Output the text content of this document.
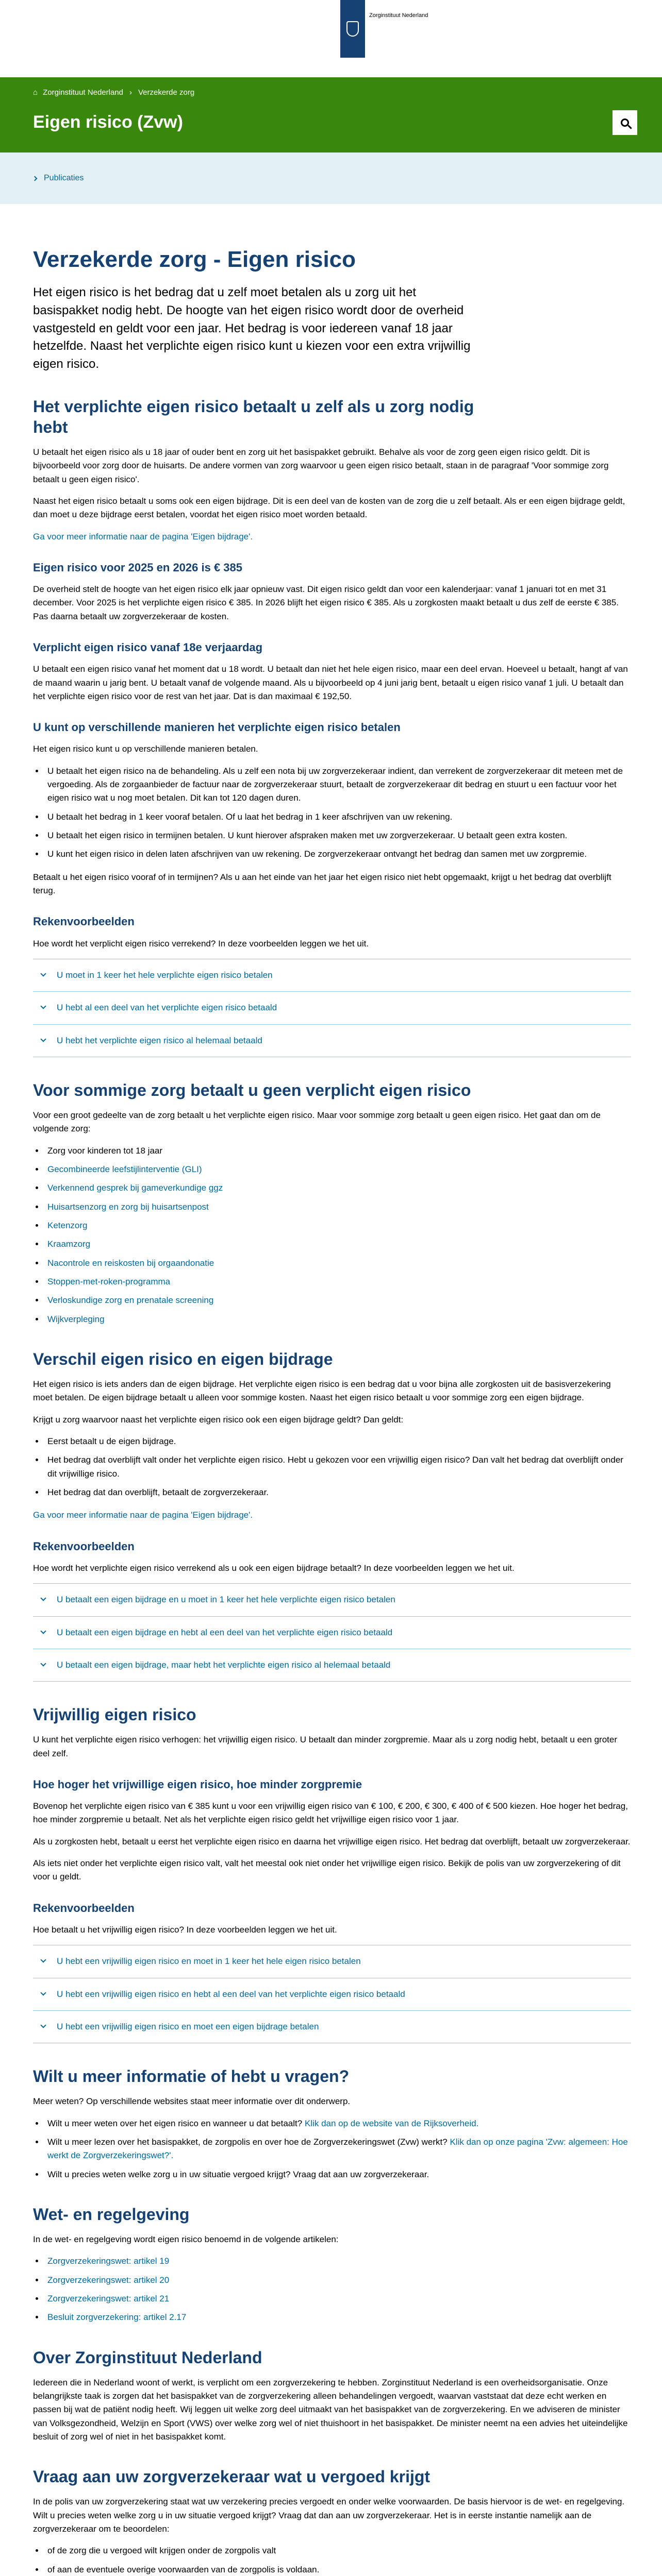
Zorginstituut Nederland
⌂ Zorginstituut Nederland › Verzekerde zorg
Eigen risico (Zvw)
Publicaties
Verzekerde zorg - Eigen risico

Het eigen risico is het bedrag dat u zelf moet betalen als u zorg uit het basispakket nodig hebt. De hoogte van het eigen risico wordt door de overheid vastgesteld en geldt voor een jaar. Het bedrag is voor iedereen vanaf 18 jaar hetzelfde. Naast het verplichte eigen risico kunt u kiezen voor een extra vrijwillig eigen risico.

Het verplichte eigen risico betaalt u zelf als u zorg nodig hebt

U betaalt het eigen risico als u 18 jaar of ouder bent en zorg uit het basispakket gebruikt. Behalve als voor de zorg geen eigen risico geldt. Dit is bijvoorbeeld voor zorg door de huisarts. De andere vormen van zorg waarvoor u geen eigen risico betaalt, staan in de paragraaf 'Voor sommige zorg betaalt u geen eigen risico'.

Naast het eigen risico betaalt u soms ook een eigen bijdrage. Dit is een deel van de kosten van de zorg die u zelf betaalt. Als er een eigen bijdrage geldt, dan moet u deze bijdrage eerst betalen, voordat het eigen risico moet worden betaald.

Ga voor meer informatie naar de pagina 'Eigen bijdrage'.

Eigen risico voor 2025 en 2026 is € 385

De overheid stelt de hoogte van het eigen risico elk jaar opnieuw vast. Dit eigen risico geldt dan voor een kalenderjaar: vanaf 1 januari tot en met 31 december. Voor 2025 is het verplichte eigen risico € 385. In 2026 blijft het eigen risico € 385. Als u zorgkosten maakt betaalt u dus zelf de eerste € 385. Pas daarna betaalt uw zorgverzekeraar de kosten.

Verplicht eigen risico vanaf 18e verjaardag

U betaalt een eigen risico vanaf het moment dat u 18 wordt. U betaalt dan niet het hele eigen risico, maar een deel ervan. Hoeveel u betaalt, hangt af van de maand waarin u jarig bent. U betaalt vanaf de volgende maand. Als u bijvoorbeeld op 4 juni jarig bent, betaalt u eigen risico vanaf 1 juli. U betaalt dan het verplichte eigen risico voor de rest van het jaar. Dat is dan maximaal € 192,50.

U kunt op verschillende manieren het verplichte eigen risico betalen

Het eigen risico kunt u op verschillende manieren betalen.

• U betaalt het eigen risico na de behandeling. Als u zelf een nota bij uw zorgverzekeraar indient, dan verrekent de zorgverzekeraar dit meteen met de vergoeding. Als de zorgaanbieder de factuur naar de zorgverzekeraar stuurt, betaalt de zorgverzekeraar dit bedrag en stuurt u een factuur voor het eigen risico wat u nog moet betalen. Dit kan tot 120 dagen duren.
• U betaalt het bedrag in 1 keer vooraf betalen. Of u laat het bedrag in 1 keer afschrijven van uw rekening.
• U betaalt het eigen risico in termijnen betalen. U kunt hierover afspraken maken met uw zorgverzekeraar. U betaalt geen extra kosten.
• U kunt het eigen risico in delen laten afschrijven van uw rekening. De zorgverzekeraar ontvangt het bedrag dan samen met uw zorgpremie.

Betaalt u het eigen risico vooraf of in termijnen? Als u aan het einde van het jaar het eigen risico niet hebt opgemaakt, krijgt u het bedrag dat overblijft terug.

Rekenvoorbeelden

Hoe wordt het verplicht eigen risico verrekend? In deze voorbeelden leggen we het uit.

U moet in 1 keer het hele verplichte eigen risico betalen
U hebt al een deel van het verplichte eigen risico betaald
U hebt het verplichte eigen risico al helemaal betaald
Voor sommige zorg betaalt u geen verplicht eigen risico

Voor een groot gedeelte van de zorg betaalt u het verplichte eigen risico. Maar voor sommige zorg betaalt u geen eigen risico. Het gaat dan om de volgende zorg:

• Zorg voor kinderen tot 18 jaar
• Gecombineerde leefstijlinterventie (GLI)
• Verkennend gesprek bij gameverkundige ggz
• Huisartsenzorg en zorg bij huisartsenpost
• Ketenzorg
• Kraamzorg
• Nacontrole en reiskosten bij orgaandonatie
• Stoppen-met-roken-programma
• Verloskundige zorg en prenatale screening
• Wijkverpleging
Verschil eigen risico en eigen bijdrage

Het eigen risico is iets anders dan de eigen bijdrage. Het verplichte eigen risico is een bedrag dat u voor bijna alle zorgkosten uit de basisverzekering moet betalen. De eigen bijdrage betaalt u alleen voor sommige kosten. Naast het eigen risico betaalt u voor sommige zorg een eigen bijdrage.

Krijgt u zorg waarvoor naast het verplichte eigen risico ook een eigen bijdrage geldt? Dan geldt:

• Eerst betaalt u de eigen bijdrage.
• Het bedrag dat overblijft valt onder het verplichte eigen risico. Hebt u gekozen voor een vrijwillig eigen risico? Dan valt het bedrag dat overblijft onder dit vrijwillige risico.
• Het bedrag dat dan overblijft, betaalt de zorgverzekeraar.

Ga voor meer informatie naar de pagina 'Eigen bijdrage'.

Rekenvoorbeelden

Hoe wordt het verplichte eigen risico verrekend als u ook een eigen bijdrage betaalt? In deze voorbeelden leggen we het uit.

U betaalt een eigen bijdrage en u moet in 1 keer het hele verplichte eigen risico betalen
U betaalt een eigen bijdrage en hebt al een deel van het verplichte eigen risico betaald
U betaalt een eigen bijdrage, maar hebt het verplichte eigen risico al helemaal betaald
Vrijwillig eigen risico

U kunt het verplichte eigen risico verhogen: het vrijwillig eigen risico. U betaalt dan minder zorgpremie. Maar als u zorg nodig hebt, betaalt u een groter deel zelf.

Hoe hoger het vrijwillige eigen risico, hoe minder zorgpremie

Bovenop het verplichte eigen risico van € 385 kunt u voor een vrijwillig eigen risico van € 100, € 200, € 300, € 400 of € 500 kiezen. Hoe hoger het bedrag, hoe minder zorgpremie u betaalt. Net als het verplichte eigen risico geldt het vrijwillige eigen risico voor 1 jaar.

Als u zorgkosten hebt, betaalt u eerst het verplichte eigen risico en daarna het vrijwillige eigen risico. Het bedrag dat overblijft, betaalt uw zorgverzekeraar.

Als iets niet onder het verplichte eigen risico valt, valt het meestal ook niet onder het vrijwillige eigen risico. Bekijk de polis van uw zorgverzekering of dit voor u geldt.

Rekenvoorbeelden

Hoe betaalt u het vrijwillig eigen risico? In deze voorbeelden leggen we het uit.

U hebt een vrijwillig eigen risico en moet in 1 keer het hele eigen risico betalen
U hebt een vrijwillig eigen risico en hebt al een deel van het verplichte eigen risico betaald
U hebt een vrijwillig eigen risico en moet een eigen bijdrage betalen
Wilt u meer informatie of hebt u vragen?

Meer weten? Op verschillende websites staat meer informatie over dit onderwerp.

• Wilt u meer weten over het eigen risico en wanneer u dat betaalt? Klik dan op de website van de Rijksoverheid.
• Wilt u meer lezen over het basispakket, de zorgpolis en over hoe de Zorgverzekeringswet (Zvw) werkt? Klik dan op onze pagina 'Zvw: algemeen: Hoe werkt de Zorgverzekeringswet?'.
• Wilt u precies weten welke zorg u in uw situatie vergoed krijgt? Vraag dat aan uw zorgverzekeraar.
Wet- en regelgeving

In de wet- en regelgeving wordt eigen risico benoemd in de volgende artikelen:

• Zorgverzekeringswet: artikel 19
• Zorgverzekeringswet: artikel 20
• Zorgverzekeringswet: artikel 21
• Besluit zorgverzekering: artikel 2.17
Over Zorginstituut Nederland

Iedereen die in Nederland woont of werkt, is verplicht om een zorgverzekering te hebben. Zorginstituut Nederland is een overheidsorganisatie. Onze belangrijkste taak is zorgen dat het basispakket van de zorgverzekering alleen behandelingen vergoedt, waarvan vaststaat dat deze echt werken en passen bij wat de patiënt nodig heeft. Wij leggen uit welke zorg deel uitmaakt van het basispakket van de zorgverzekering. En we adviseren de minister van Volksgezondheid, Welzijn en Sport (VWS) over welke zorg wel of niet thuishoort in het basispakket. De minister neemt na een advies het uiteindelijke besluit of zorg wel of niet in het basispakket komt.

Vraag aan uw zorgverzekeraar wat u vergoed krijgt

In de polis van uw zorgverzekering staat wat uw verzekering precies vergoedt en onder welke voorwaarden. De basis hiervoor is de wet- en regelgeving. Wilt u precies weten welke zorg u in uw situatie vergoed krijgt? Vraag dat dan aan uw zorgverzekeraar. Het is in eerste instantie namelijk aan de zorgverzekeraar om te beoordelen:

• of de zorg die u vergoed wilt krijgen onder de zorgpolis valt
• of aan de eventuele overige voorwaarden van de zorgpolis is voldaan.
